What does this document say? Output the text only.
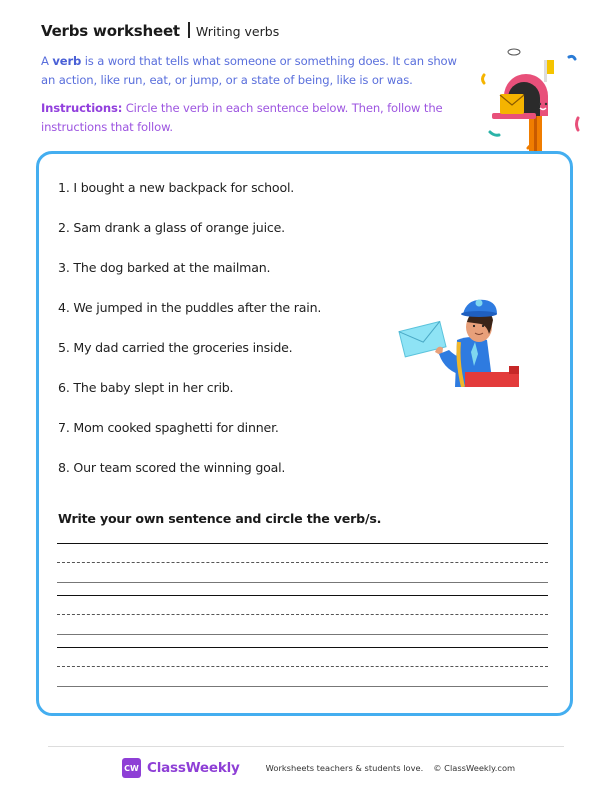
Verbs worksheet Writing verbs
A verb is a word that tells what someone or something does. It can show an action, like run, eat, or jump, or a state of being, like is or was.
Instructions: Circle the verb in each sentence below. Then, follow the instructions that follow.
1. I bought a new backpack for school.
2. Sam drank a glass of orange juice.
3. The dog barked at the mailman.
4. We jumped in the puddles after the rain.
5. My dad carried the groceries inside.
6. The baby slept in her crib.
7. Mom cooked spaghetti for dinner.
8. Our team scored the winning goal.
Write your own sentence and circle the verb/s.
CW ClassWeekly	Worksheets teachers & students love. © ClassWeekly.com
